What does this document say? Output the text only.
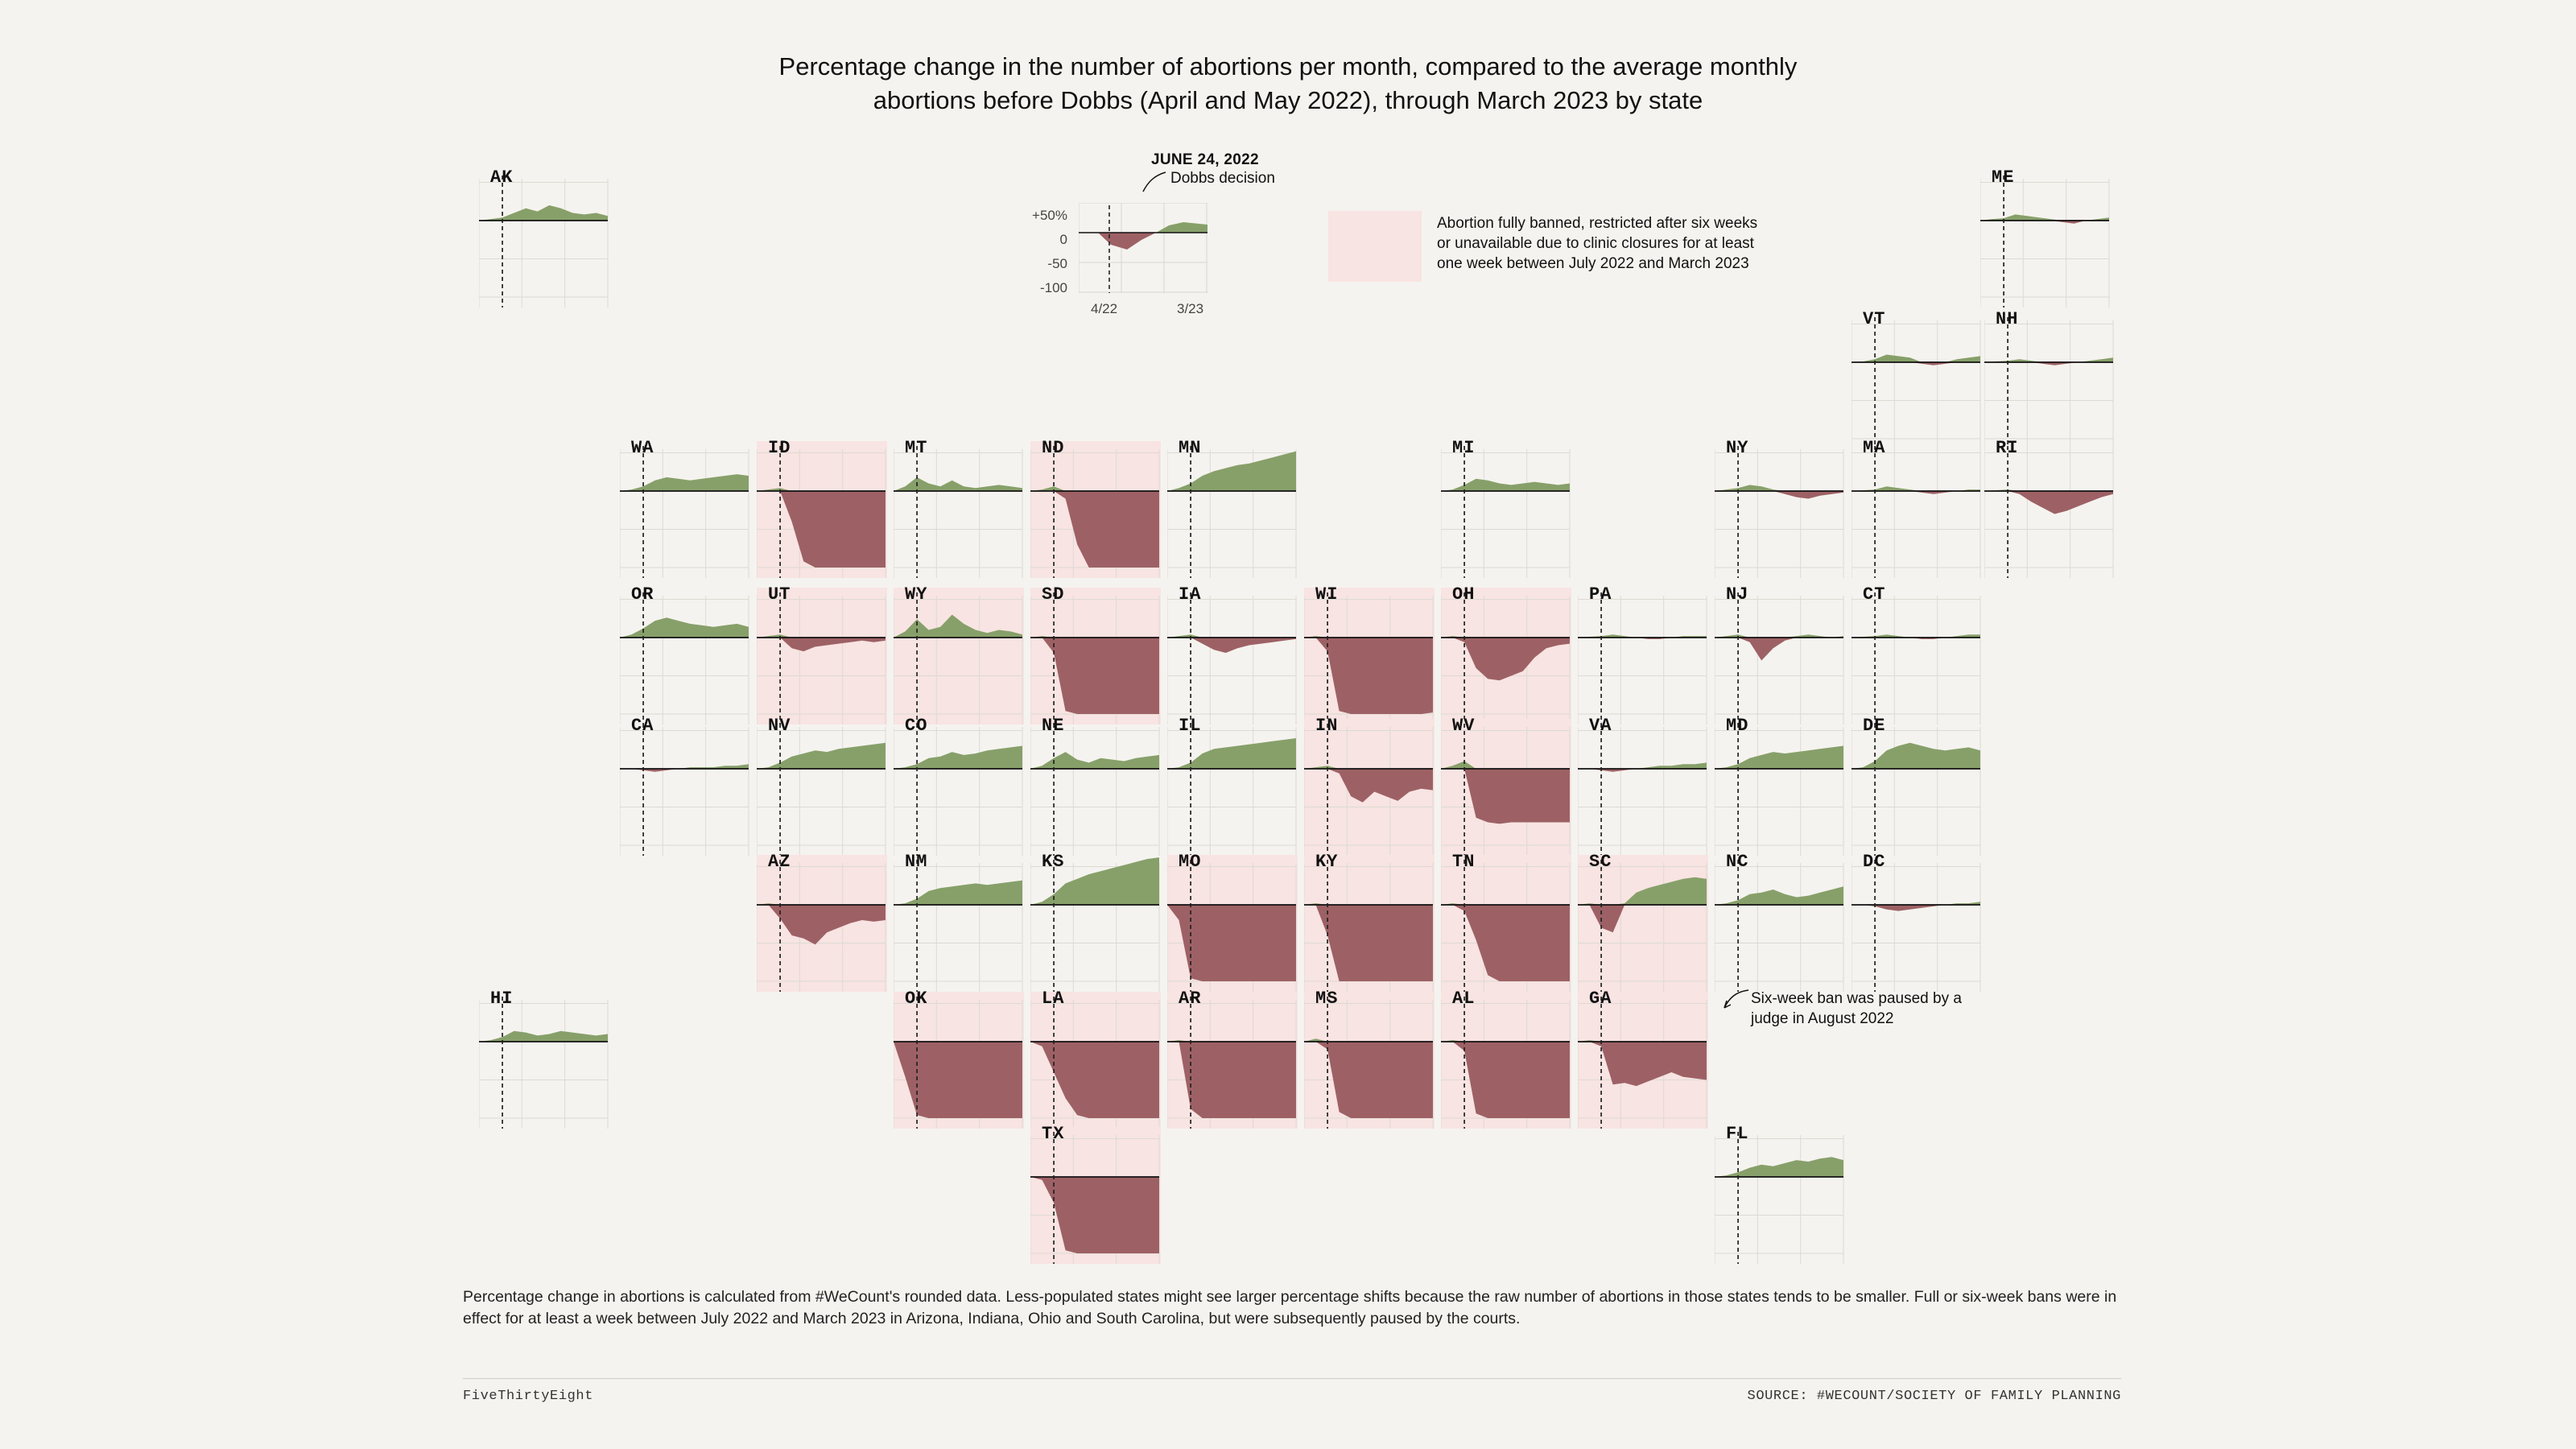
Percentage change in the number of abortions per month, compared to the average monthly
abortions before Dobbs (April and May 2022), through March 2023 by state
JUNE 24, 2022
Dobbs decision
+50%
0
-50
-100
4/22	3/23
Abortion fully banned, restricted after six weeks or unavailable due to clinic closures for at least one week between July 2022 and March 2023
Six-week ban was paused by a judge in August 2022
AK	ME
VT	NH
WA	ID	MT	ND	MN	MI	NY	MA	RI
OR	UT	WY	SD	IA	WI	OH	PA	NJ	CT
CA	NV	CO	NE	IL	IN	WV	VA	MD	DE
AZ	NM	KS	MO	KY	TN	SC	NC	DC
OK	LA	AR	MS	AL	GA
HI
TX	FL
Percentage change in abortions is calculated from #WeCount's rounded data. Less-populated states might see larger percentage shifts because the raw number of abortions in those states tends to be smaller. Full or six-week bans were in effect for at least a week between July 2022 and March 2023 in Arizona, Indiana, Ohio and South Carolina, but were subsequently paused by the courts.
FiveThirtyEight	SOURCE: #WECOUNT/SOCIETY OF FAMILY PLANNING
